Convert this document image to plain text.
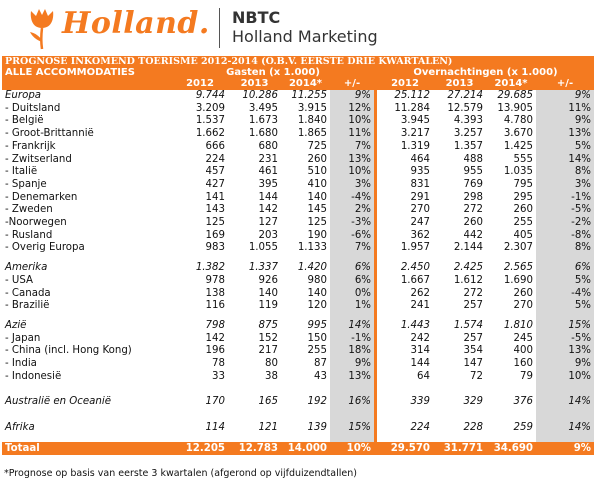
Holland. NBTC
Holland Marketing
PROGNOSE INKOMEND TOERISME 2012-2014 (O.B.V. EERSTE DRIE KWARTALEN)									
ALLE ACCOMMODATIES	Gasten (x 1.000)					Overnachtingen (x 1.000)			
	2012	2013	2014*	+/-		2012	2013	2014*	+/-
Europa	9.744	10.286	11.255	9%		25.112	27.214	29.685	9%
- Duitsland	3.209	3.495	3.915	12%		11.284	12.579	13.905	11%
- België	1.537	1.673	1.840	10%		3.945	4.393	4.780	9%
- Groot-Brittannië	1.662	1.680	1.865	11%		3.217	3.257	3.670	13%
- Frankrijk	666	680	725	7%		1.319	1.357	1.425	5%
- Zwitserland	224	231	260	13%		464	488	555	14%
- Italië	457	461	510	10%		935	955	1.035	8%
- Spanje	427	395	410	3%		831	769	795	3%
- Denemarken	141	144	140	-4%		291	298	295	-1%
- Zweden	143	142	145	2%		270	272	260	-5%
-Noorwegen	125	127	125	-3%		247	260	255	-2%
- Rusland	169	203	190	-6%		362	442	405	-8%
- Overig Europa	983	1.055	1.133	7%		1.957	2.144	2.307	8%

Amerika	1.382	1.337	1.420	6%		2.450	2.425	2.565	6%
- USA	978	926	980	6%		1.667	1.612	1.690	5%
- Canada	138	140	140	0%		262	272	260	-4%
- Brazilië	116	119	120	1%		241	257	270	5%

Azië	798	875	995	14%		1.443	1.574	1.810	15%
- Japan	142	152	150	-1%		242	257	245	-5%
- China (incl. Hong Kong)	196	217	255	18%		314	354	400	13%
- India	78	80	87	9%		144	147	160	9%
- Indonesië	33	38	43	13%		64	72	79	10%

Australië en Oceanië	170	165	192	16%		339	329	376	14%

Afrika	114	121	139	15%		224	228	259	14%

Totaal	12.205	12.783	14.000	10%		29.570	31.771	34.690	9%
*Prognose op basis van eerste 3 kwartalen (afgerond op vijfduizendtallen)
